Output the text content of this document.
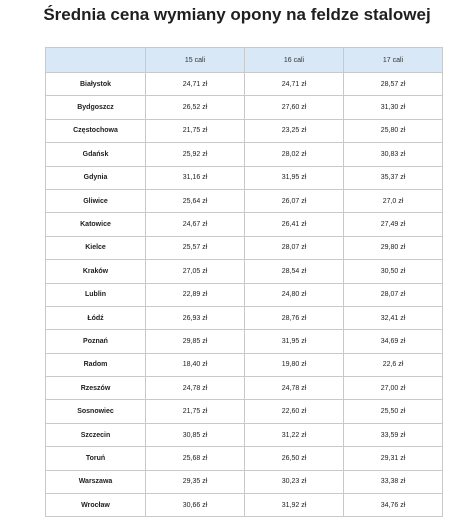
Średnia cena wymiany opony na feldze stalowej
	15 cali	16 cali	17 cali
Białystok	24,71 zł	24,71 zł	28,57 zł
Bydgoszcz	26,52 zł	27,60 zł	31,30 zł
Częstochowa	21,75 zł	23,25 zł	25,80 zł
Gdańsk	25,92 zł	28,02 zł	30,83 zł
Gdynia	31,16 zł	31,95 zł	35,37 zł
Gliwice	25,64 zł	26,07 zł	27,0 zł
Katowice	24,67 zł	26,41 zł	27,49 zł
Kielce	25,57 zł	28,07 zł	29,80 zł
Kraków	27,05 zł	28,54 zł	30,50 zł
Lublin	22,89 zł	24,80 zł	28,07 zł
Łódź	26,93 zł	28,76 zł	32,41 zł
Poznań	29,85 zł	31,95 zł	34,69 zł
Radom	18,40 zł	19,80 zł	22,6 zł
Rzeszów	24,78 zł	24,78 zł	27,00 zł
Sosnowiec	21,75 zł	22,60 zł	25,50 zł
Szczecin	30,85 zł	31,22 zł	33,59 zł
Toruń	25,68 zł	26,50 zł	29,31 zł
Warszawa	29,35 zł	30,23 zł	33,38 zł
Wrocław	30,66 zł	31,92 zł	34,76 zł
